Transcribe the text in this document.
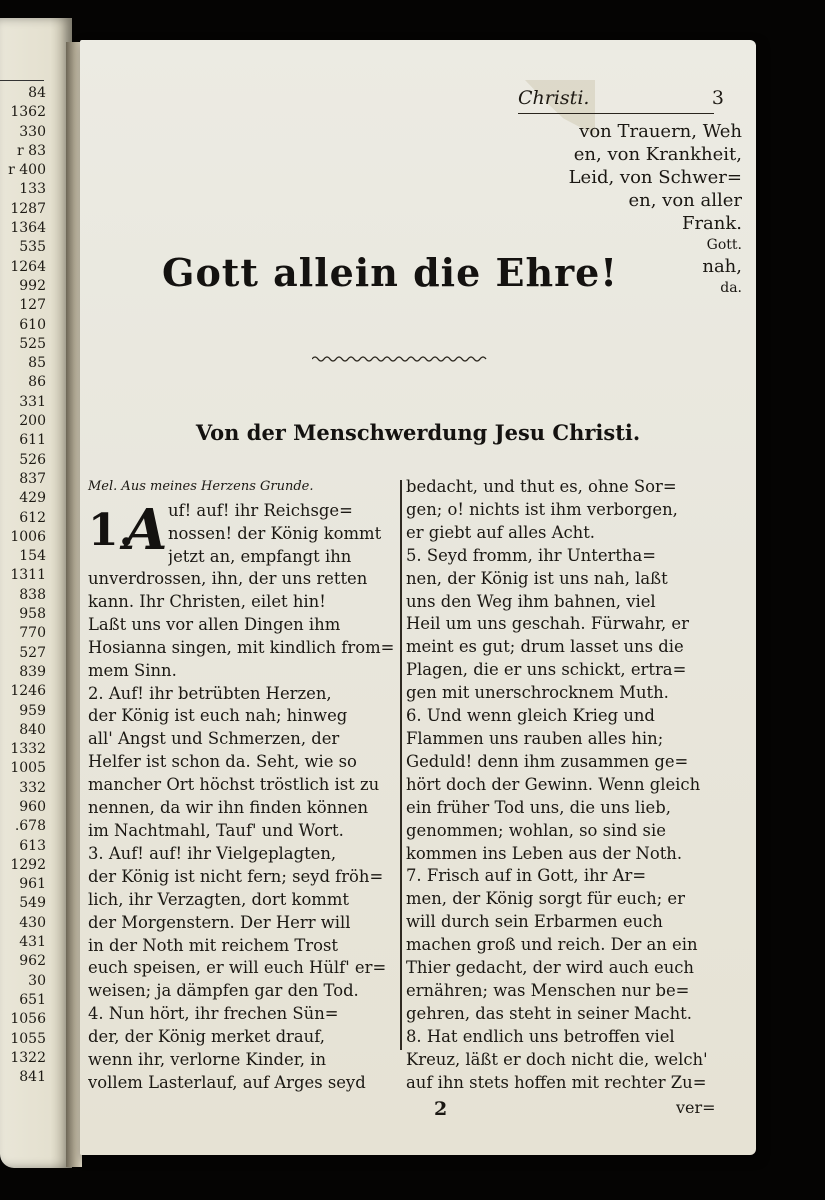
84
1362
330
r 83
r 400
133
1287
1364
535
1264
992
127
610
525
85
86
331
200
611
526
837
429
612
1006
154
1311
838
958
770
527
839
1246
959
840
1332
1005
332
960
.678
613
1292
961
549
430
431
962
30
651
1056
1055
1322
841
Christi.	3
von Trauern, Weh
en, von Krankheit,
Leid, von Schwer=
en, von aller
Frank.
Gott.
nah,
da.
Gott allein die Ehre!
Von der Menschwerdung Jesu Christi.
Mel. Aus meines Herzens Grunde.
1.
A uf! auf! ihr Reichsge=
nossen! der König kommt
jetzt an, empfangt ihn
unverdrossen, ihn, der uns retten
kann. Ihr Christen, eilet hin!
Laßt uns vor allen Dingen ihm
Hosianna singen, mit kindlich from=
mem Sinn.
2. Auf! ihr betrübten Herzen,
der König ist euch nah; hinweg
all' Angst und Schmerzen, der
Helfer ist schon da. Seht, wie so
mancher Ort höchst tröstlich ist zu
nennen, da wir ihn finden können
im Nachtmahl, Tauf' und Wort.
3. Auf! auf! ihr Vielgeplagten,
der König ist nicht fern; seyd fröh=
lich, ihr Verzagten, dort kommt
der Morgenstern. Der Herr will
in der Noth mit reichem Trost
euch speisen, er will euch Hülf' er=
weisen; ja dämpfen gar den Tod.
4. Nun hört, ihr frechen Sün=
der, der König merket drauf,
wenn ihr, verlorne Kinder, in
vollem Lasterlauf, auf Arges seyd
bedacht, und thut es, ohne Sor=
gen; o! nichts ist ihm verborgen,
er giebt auf alles Acht.
5. Seyd fromm, ihr Untertha=
nen, der König ist uns nah, laßt
uns den Weg ihm bahnen, viel
Heil um uns geschah. Fürwahr, er
meint es gut; drum lasset uns die
Plagen, die er uns schickt, ertra=
gen mit unerschrocknem Muth.
6. Und wenn gleich Krieg und
Flammen uns rauben alles hin;
Geduld! denn ihm zusammen ge=
hört doch der Gewinn. Wenn gleich
ein früher Tod uns, die uns lieb,
genommen; wohlan, so sind sie
kommen ins Leben aus der Noth.
7. Frisch auf in Gott, ihr Ar=
men, der König sorgt für euch; er
will durch sein Erbarmen euch
machen groß und reich. Der an ein
Thier gedacht, der wird auch euch
ernähren; was Menschen nur be=
gehren, das steht in seiner Macht.
8. Hat endlich uns betroffen viel
Kreuz, läßt er doch nicht die, welch'
auf ihn stets hoffen mit rechter Zu=
2	ver=
